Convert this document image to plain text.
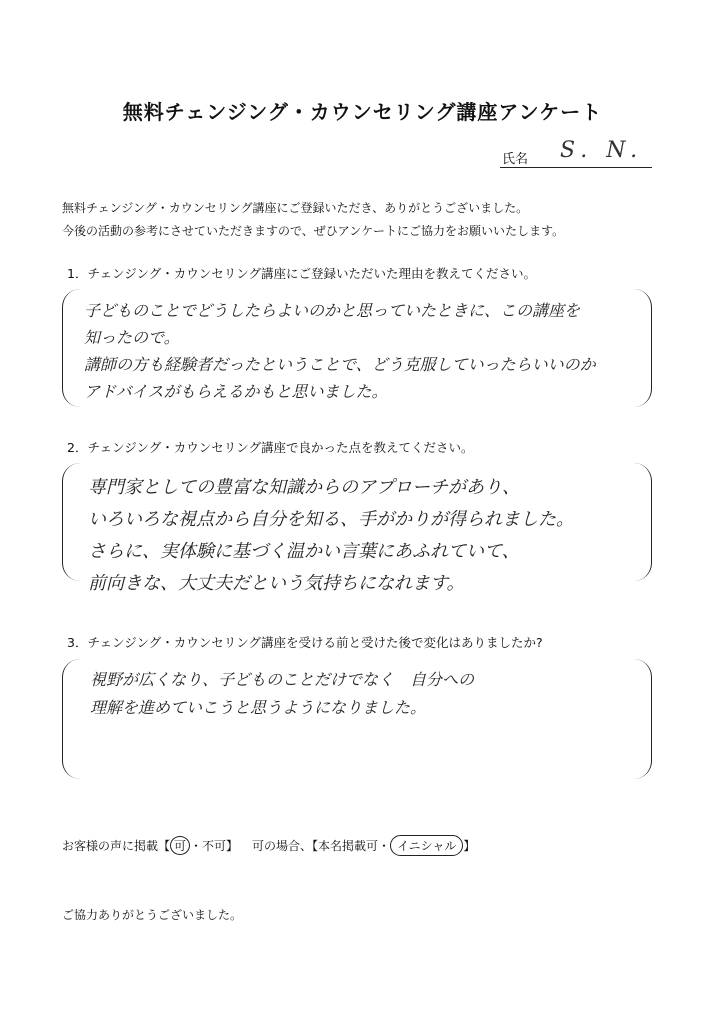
無料チェンジング・カウンセリング講座アンケート
氏名 S. N.
無料チェンジング・カウンセリング講座にご登録いただき、ありがとうございました。
今後の活動の参考にさせていただきますので、ぜひアンケートにご協力をお願いいたします。
1．チェンジング・カウンセリング講座にご登録いただいた理由を教えてください。
子どものことでどうしたらよいのかと思っていたときに、この講座を
知ったので。
講師の方も経験者だったということで、どう克服していったらいいのか
アドバイスがもらえるかもと思いました。
2．チェンジング・カウンセリング講座で良かった点を教えてください。
専門家としての豊富な知識からのアプローチがあり、
いろいろな視点から自分を知る、手がかりが得られました。
さらに、実体験に基づく温かい言葉にあふれていて、
前向きな、大丈夫だという気持ちになれます。
3．チェンジング・カウンセリング講座を受ける前と受けた後で変化はありましたか?
視野が広くなり、子どものことだけでなく　自分への
理解を進めていこうと思うようになりました。
お客様の声に掲載【 可 ・不可】 可の場合、【本名掲載可・ イニシャル 】
ご協力ありがとうございました。
